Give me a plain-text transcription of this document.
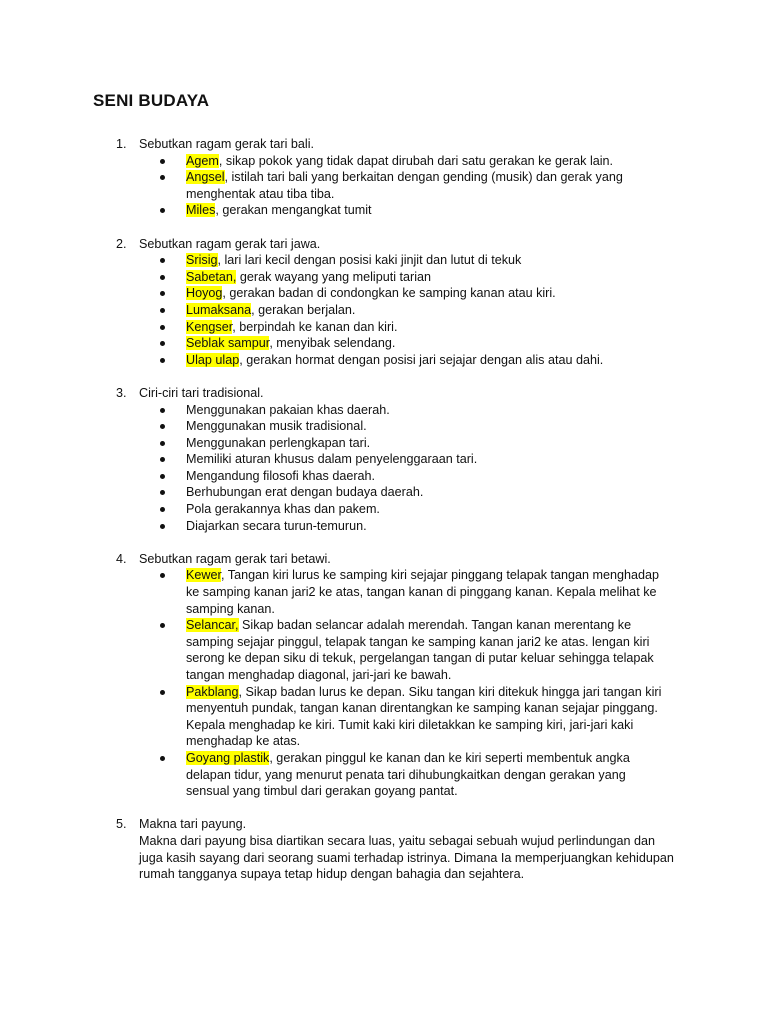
SENI BUDAYA
1. Sebutkan ragam gerak tari bali.
Agem, sikap pokok yang tidak dapat dirubah dari satu gerakan ke gerak lain.
Angsel, istilah tari bali yang berkaitan dengan gending (musik) dan gerak yang menghentak atau tiba tiba.
Miles, gerakan mengangkat tumit
2. Sebutkan ragam gerak tari jawa.
Srisig, lari lari kecil dengan posisi kaki jinjit dan lutut di tekuk
Sabetan, gerak wayang yang meliputi tarian
Hoyog, gerakan badan di condongkan ke samping kanan atau kiri.
Lumaksana, gerakan berjalan.
Kengser, berpindah ke kanan dan kiri.
Seblak sampur, menyibak selendang.
Ulap ulap, gerakan hormat dengan posisi jari sejajar dengan alis atau dahi.
3. Ciri-ciri tari tradisional.
Menggunakan pakaian khas daerah.
Menggunakan musik tradisional.
Menggunakan perlengkapan tari.
Memiliki aturan khusus dalam penyelenggaraan tari.
Mengandung filosofi khas daerah.
Berhubungan erat dengan budaya daerah.
Pola gerakannya khas dan pakem.
Diajarkan secara turun-temurun.
4. Sebutkan ragam gerak tari betawi.
Kewer, Tangan kiri lurus ke samping kiri sejajar pinggang telapak tangan menghadap ke samping kanan jari2 ke atas, tangan kanan di pinggang kanan. Kepala melihat ke samping kanan.
Selancar, Sikap badan selancar adalah merendah. Tangan kanan merentang ke samping sejajar pinggul, telapak tangan ke samping kanan jari2 ke atas. lengan kiri serong ke depan siku di tekuk, pergelangan tangan di putar keluar sehingga telapak tangan menghadap diagonal, jari-jari ke bawah.
Pakblang, Sikap badan lurus ke depan. Siku tangan kiri ditekuk hingga jari tangan kiri menyentuh pundak, tangan kanan direntangkan ke samping kanan sejajar pinggang. Kepala menghadap ke kiri. Tumit kaki kiri diletakkan ke samping kiri, jari-jari kaki menghadap ke atas.
Goyang plastik, gerakan pinggul ke kanan dan ke kiri seperti membentuk angka delapan tidur, yang menurut penata tari dihubungkaitkan dengan gerakan yang sensual yang timbul dari gerakan goyang pantat.
5. Makna tari payung.
Makna dari payung bisa diartikan secara luas, yaitu sebagai sebuah wujud perlindungan dan juga kasih sayang dari seorang suami terhadap istrinya. Dimana Ia memperjuangkan kehidupan rumah tangganya supaya tetap hidup dengan bahagia dan sejahtera.
